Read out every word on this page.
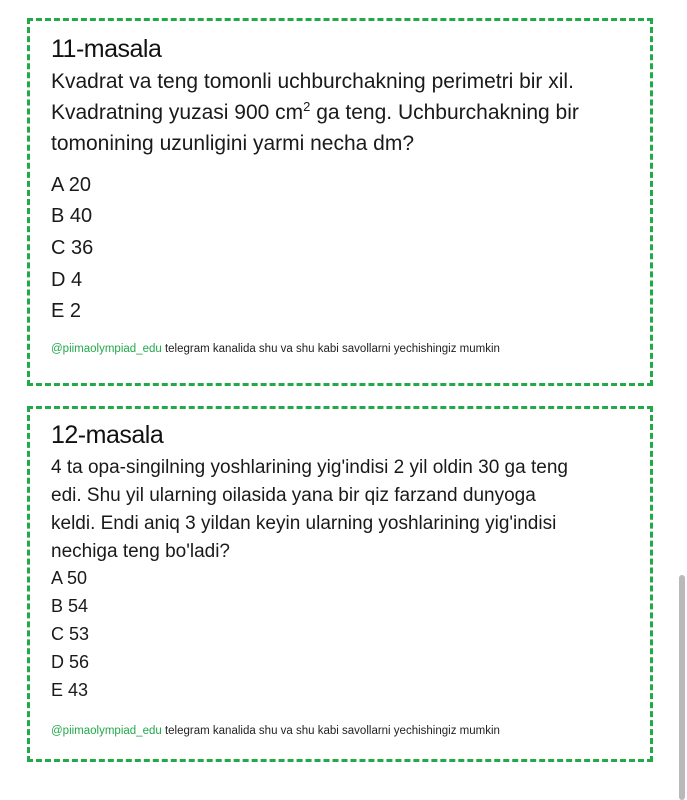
11-masala
Kvadrat va teng tomonli uchburchakning perimetri bir xil.
Kvadratning yuzasi 900 $cm^2$ ga teng. Uchburchakning bir
tomonining uzunligini yarmi necha dm?
A 20
B 40
C 36
D 4
E 2
@piimaolympiad_edu telegram kanalida shu va shu kabi savollarni yechishingiz mumkin
12-masala
4 ta opa-singilning yoshlarining yig'indisi 2 yil oldin 30 ga teng
edi. Shu yil ularning oilasida yana bir qiz farzand dunyoga
keldi. Endi aniq 3 yildan keyin ularning yoshlarining yig'indisi
nechiga teng bo'ladi?
A 50
B 54
C 53
D 56
E 43
@piimaolympiad_edu telegram kanalida shu va shu kabi savollarni yechishingiz mumkin
